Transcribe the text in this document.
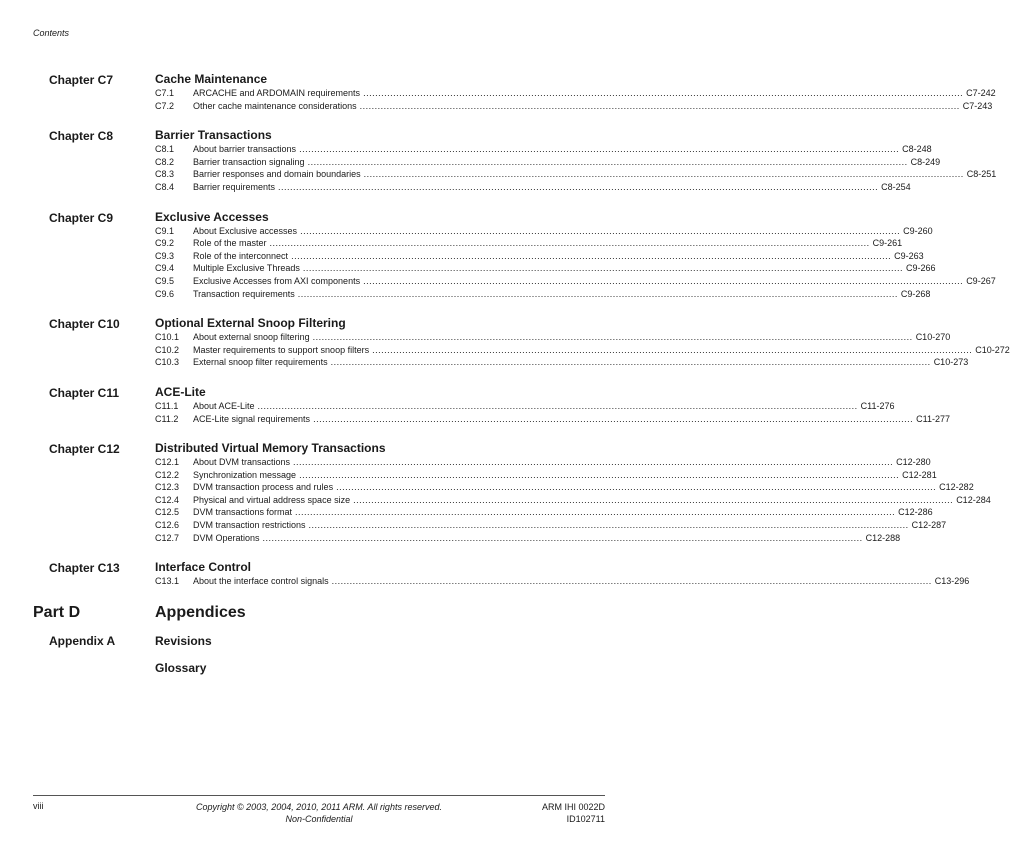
Contents
Chapter C7	Cache Maintenance
C7.1	ARCACHE and ARDOMAIN requirements ........................................................................................................................................................................................................ C7-242
C7.2	Other cache maintenance considerations ........................................................................................................................................................................................................ C7-243
Chapter C8	Barrier Transactions
C8.1	About barrier transactions ........................................................................................................................................................................................................ C8-248
C8.2	Barrier transaction signaling ........................................................................................................................................................................................................ C8-249
C8.3	Barrier responses and domain boundaries ........................................................................................................................................................................................................ C8-251
C8.4	Barrier requirements ........................................................................................................................................................................................................ C8-254
Chapter C9	Exclusive Accesses
C9.1	About Exclusive accesses ........................................................................................................................................................................................................ C9-260
C9.2	Role of the master ........................................................................................................................................................................................................ C9-261
C9.3	Role of the interconnect ........................................................................................................................................................................................................ C9-263
C9.4	Multiple Exclusive Threads ........................................................................................................................................................................................................ C9-266
C9.5	Exclusive Accesses from AXI components ........................................................................................................................................................................................................ C9-267
C9.6	Transaction requirements ........................................................................................................................................................................................................ C9-268
Chapter C10	Optional External Snoop Filtering
C10.1	About external snoop filtering ........................................................................................................................................................................................................ C10-270
C10.2	Master requirements to support snoop filters ........................................................................................................................................................................................................ C10-272
C10.3	External snoop filter requirements ........................................................................................................................................................................................................ C10-273
Chapter C11	ACE-Lite
C11.1	About ACE-Lite ........................................................................................................................................................................................................ C11-276
C11.2	ACE-Lite signal requirements ........................................................................................................................................................................................................ C11-277
Chapter C12	Distributed Virtual Memory Transactions
C12.1	About DVM transactions ........................................................................................................................................................................................................ C12-280
C12.2	Synchronization message ........................................................................................................................................................................................................ C12-281
C12.3	DVM transaction process and rules ........................................................................................................................................................................................................ C12-282
C12.4	Physical and virtual address space size ........................................................................................................................................................................................................ C12-284
C12.5	DVM transactions format ........................................................................................................................................................................................................ C12-286
C12.6	DVM transaction restrictions ........................................................................................................................................................................................................ C12-287
C12.7	DVM Operations ........................................................................................................................................................................................................ C12-288
Chapter C13	Interface Control
C13.1	About the interface control signals ........................................................................................................................................................................................................ C13-296
Part D	Appendices
Appendix A	Revisions
Glossary
viii	Copyright © 2003, 2004, 2010, 2011 ARM. All rights reserved.
Non-Confidential
ARM IHI 0022D
ID102711
